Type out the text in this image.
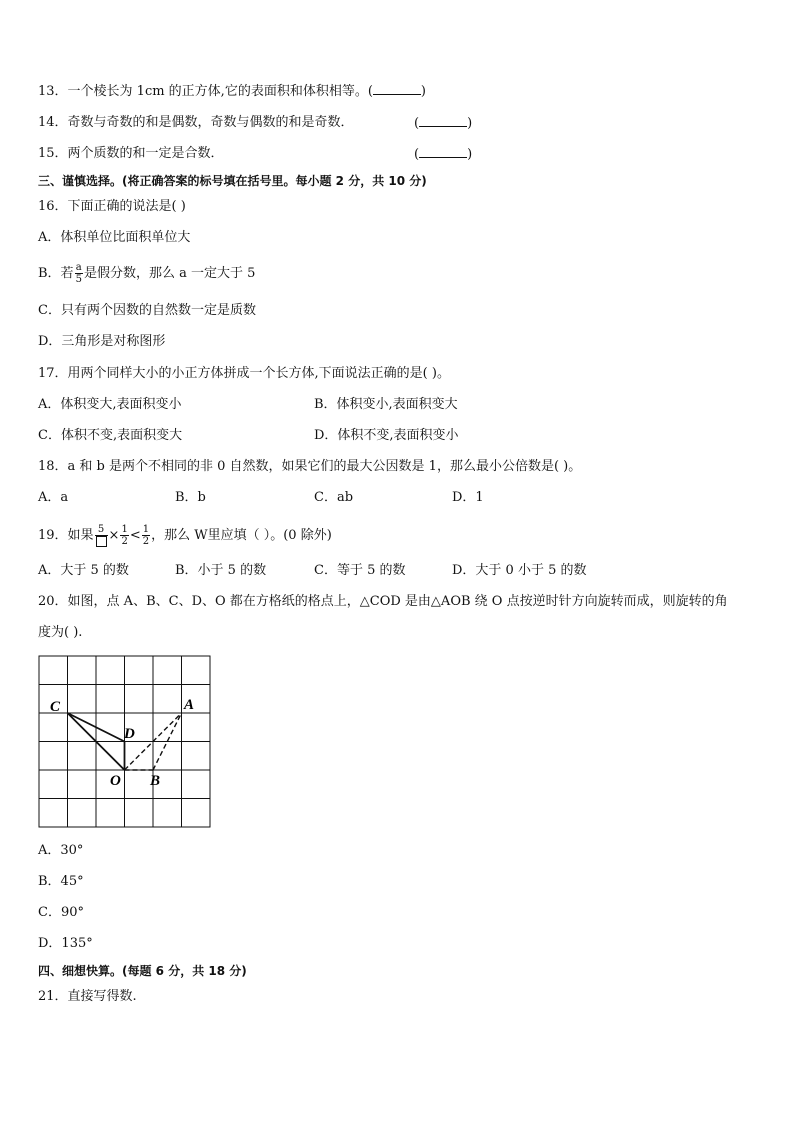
13．一个棱长为 1cm 的正方体,它的表面积和体积相等。(	)
14．奇数与奇数的和是偶数，奇数与偶数的和是奇数．	(	)
15．两个质数的和一定是合数．	(	)
三、谨慎选择。(将正确答案的标号填在括号里。每小题 2 分，共 10 分)
16．下面正确的说法是( )
A．体积单位比面积单位大
B．若 $\frac{a}{5}$ 是假分数，那么 a 一定大于 5
C．只有两个因数的自然数一定是质数
D．三角形是对称图形
17．用两个同样大小的小正方体拼成一个长方体,下面说法正确的是( )。
A．体积变大,表面积变小	B．体积变小,表面积变大
C．体积不变,表面积变大	D．体积不变,表面积变小
18．a 和 b 是两个不相同的非 0 自然数，如果它们的最大公因数是 1，那么最小公倍数是( )。
A．a	B．b	C．ab	D．1
19．如果 $5 \times \frac{1}{2} < \frac{1}{2}$ ，那么 W里应填（ ）。(0 除外)
A．大于 5 的数	B．小于 5 的数	C．等于 5 的数	D．大于 0 小于 5 的数
20．如图，点 A、B、C、D、O 都在方格纸的格点上，△COD 是由△AOB 绕 O 点按逆时针方向旋转而成，则旋转的角
度为( ).
C	A
D
O B
A．30°
B．45°
C．90°
D．135°
四、细想快算。(每题 6 分，共 18 分)
21．直接写得数.
